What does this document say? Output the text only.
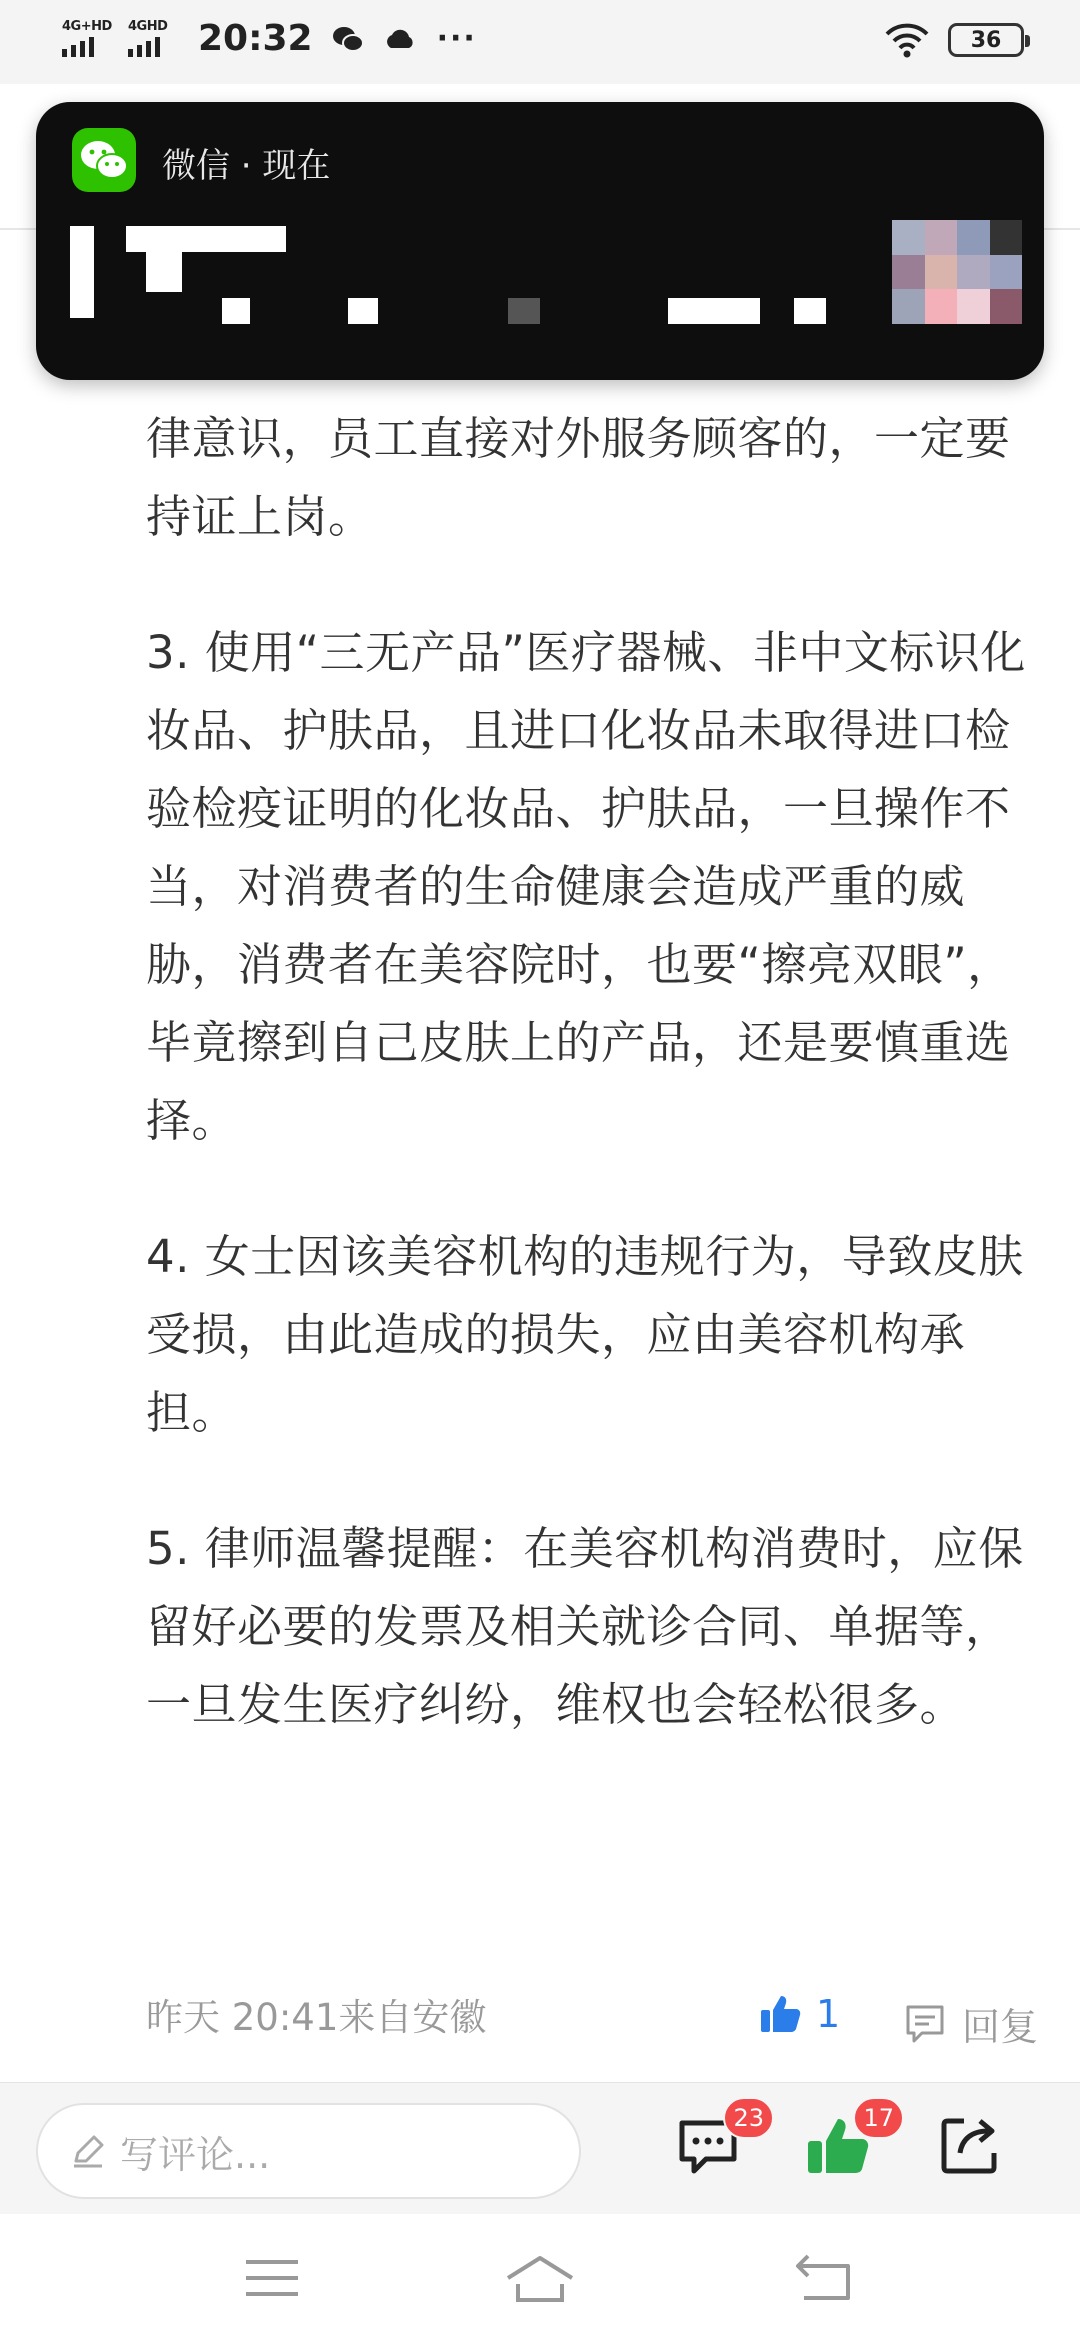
4G+HD 4GHD 20:32	···	36
微信 · 现在

律意识，员工直接对外服务顾客的，一定要持证上岗。

3. 使用“三无产品”医疗器械、非中文标识化妆品、护肤品，且进口化妆品未取得进口检验检疫证明的化妆品、护肤品，一旦操作不当，对消费者的生命健康会造成严重的威胁，消费者在美容院时，也要“擦亮双眼”，毕竟擦到自己皮肤上的产品，还是要慎重选择。

4. 女士因该美容机构的违规行为，导致皮肤受损，由此造成的损失，应由美容机构承担。

5. 律师温馨提醒：在美容机构消费时，应保留好必要的发票及相关就诊合同、单据等，一旦发生医疗纠纷，维权也会轻松很多。

昨天 20:41来自安徽	1	回复
写评论...
23	17
